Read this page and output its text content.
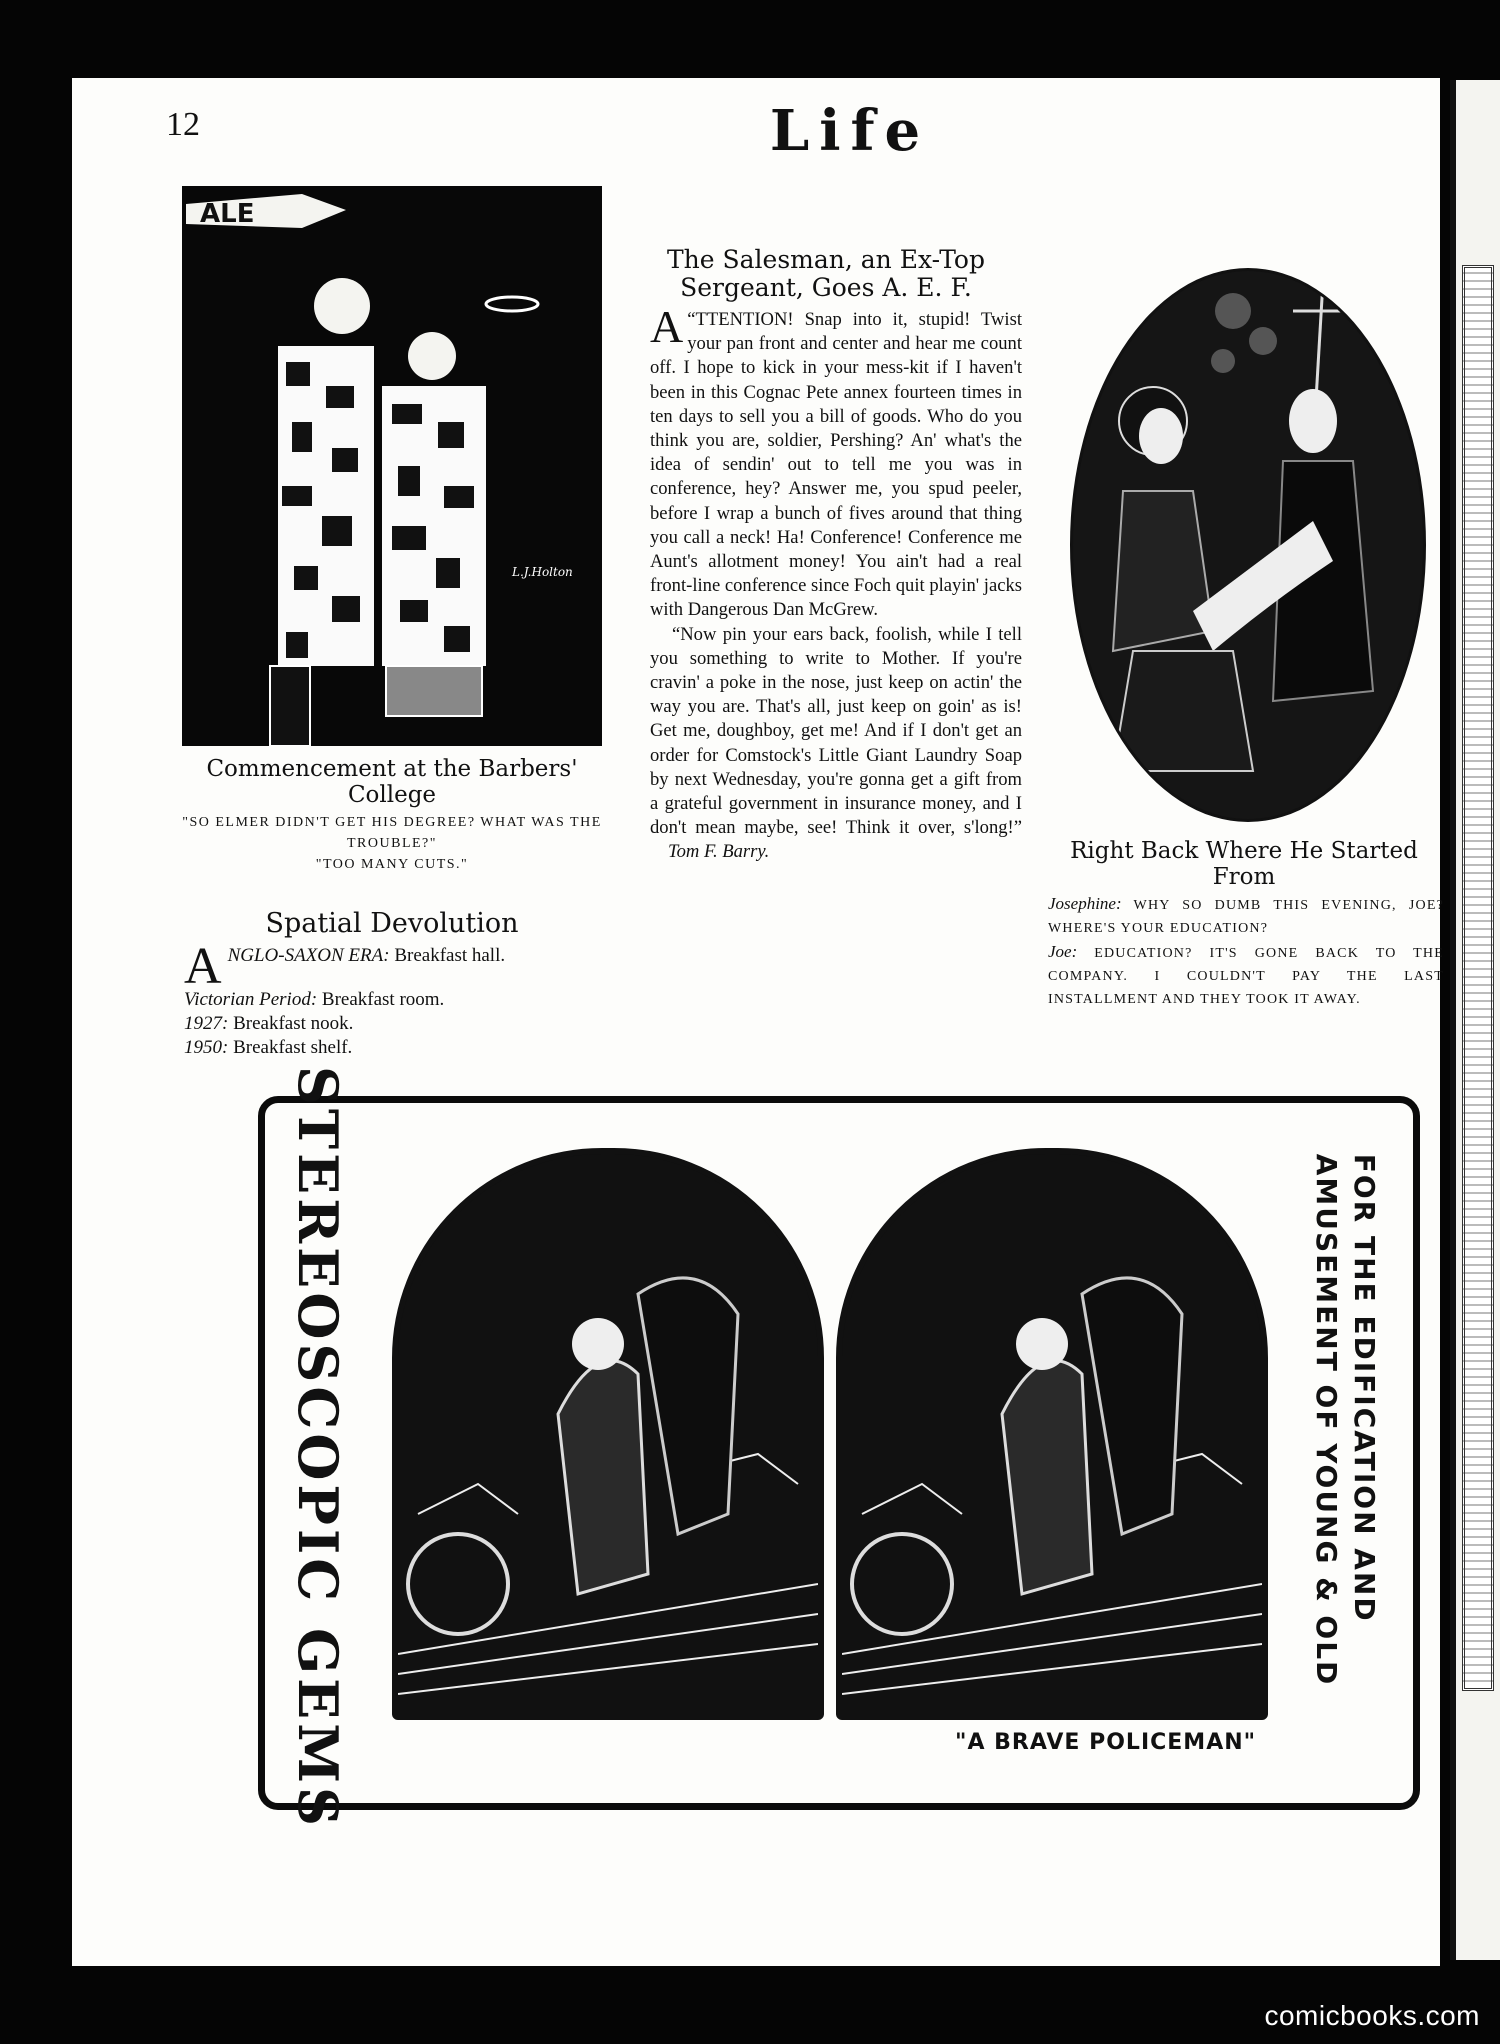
12	Life
ALE
L.J.Holton
Commencement at the Barbers' College
"SO ELMER DIDN'T GET HIS DEGREE? WHAT WAS THE TROUBLE?"
"TOO MANY CUTS."
Spatial Devolution

ANGLO-SAXON ERA: Breakfast hall.

Victorian Period: Breakfast room.

1927: Breakfast nook.

1950: Breakfast shelf.

The Salesman, an Ex-Top Sergeant, Goes A. E. F.

“
A TTENTION! Snap into it, stupid! Twist your pan front and center and hear me count off. I hope to kick in your mess-kit if I haven't been in this Cognac Pete annex fourteen times in ten days to sell you a bill of goods. Who do you think you are, soldier, Pershing? An' what's the idea of sendin' out to tell me you was in conference, hey? Answer me, you spud peeler, before I wrap a bunch of fives around that thing you call a neck! Ha! Conference! Conference me Aunt's allotment money! You ain't had a real front-line conference since Foch quit playin' jacks with Dangerous Dan McGrew.

“Now pin your ears back, foolish, while I tell you something to write to Mother. If you're cravin' a poke in the nose, just keep on actin' the way you are. That's all, just keep on goin' as is! Get me, doughboy, get me! And if I don't get an order for Comstock's Little Giant Laundry Soap by next Wednesday, you're gonna get a gift from a grateful government in insurance money, and I don't mean maybe, see! Think it over, s'long!” Tom F. Barry.	Right Back Where He Started From

Josephine: WHY SO DUMB THIS EVENING, JOE? WHERE'S YOUR EDUCATION?

Joe: EDUCATION? IT'S GONE BACK TO THE COMPANY. I COULDN'T PAY THE LAST INSTALLMENT AND THEY TOOK IT AWAY.

STEREOSCOPIC GEMS	FOR THE EDIFICATION AND
AMUSEMENT OF YOUNG & OLD
"A BRAVE POLICEMAN"
comicbooks.com
